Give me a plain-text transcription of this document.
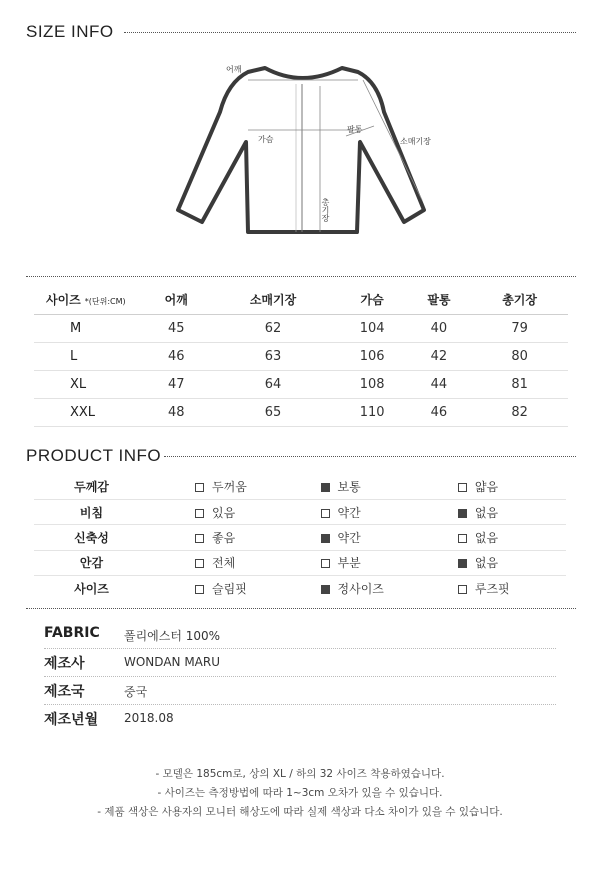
SIZE INFO
어깨
가슴
팔통
소매기장
총기장
사이즈 *(단위:CM)	어깨	소매기장	가슴	팔통	총기장
M	45	62	104	40	79
L	46	63	106	42	80
XL	47	64	108	44	81
XXL	48	65	110	46	82
PRODUCT INFO
두께감	두꺼움	보통	얇음
비침	있음	약간	없음
신축성	좋음	약간	없음
안감	전체	부분	없음
사이즈	슬림핏	정사이즈	루즈핏
FABRIC 폴리에스터 100%
제조사	WONDAN MARU
제조국	중국
제조년월 2018.08
- 모델은 185cm로, 상의 XL / 하의 32 사이즈 착용하였습니다.
- 사이즈는 측정방법에 따라 1~3cm 오차가 있을 수 있습니다.
- 제품 색상은 사용자의 모니터 해상도에 따라 실제 색상과 다소 차이가 있을 수 있습니다.
